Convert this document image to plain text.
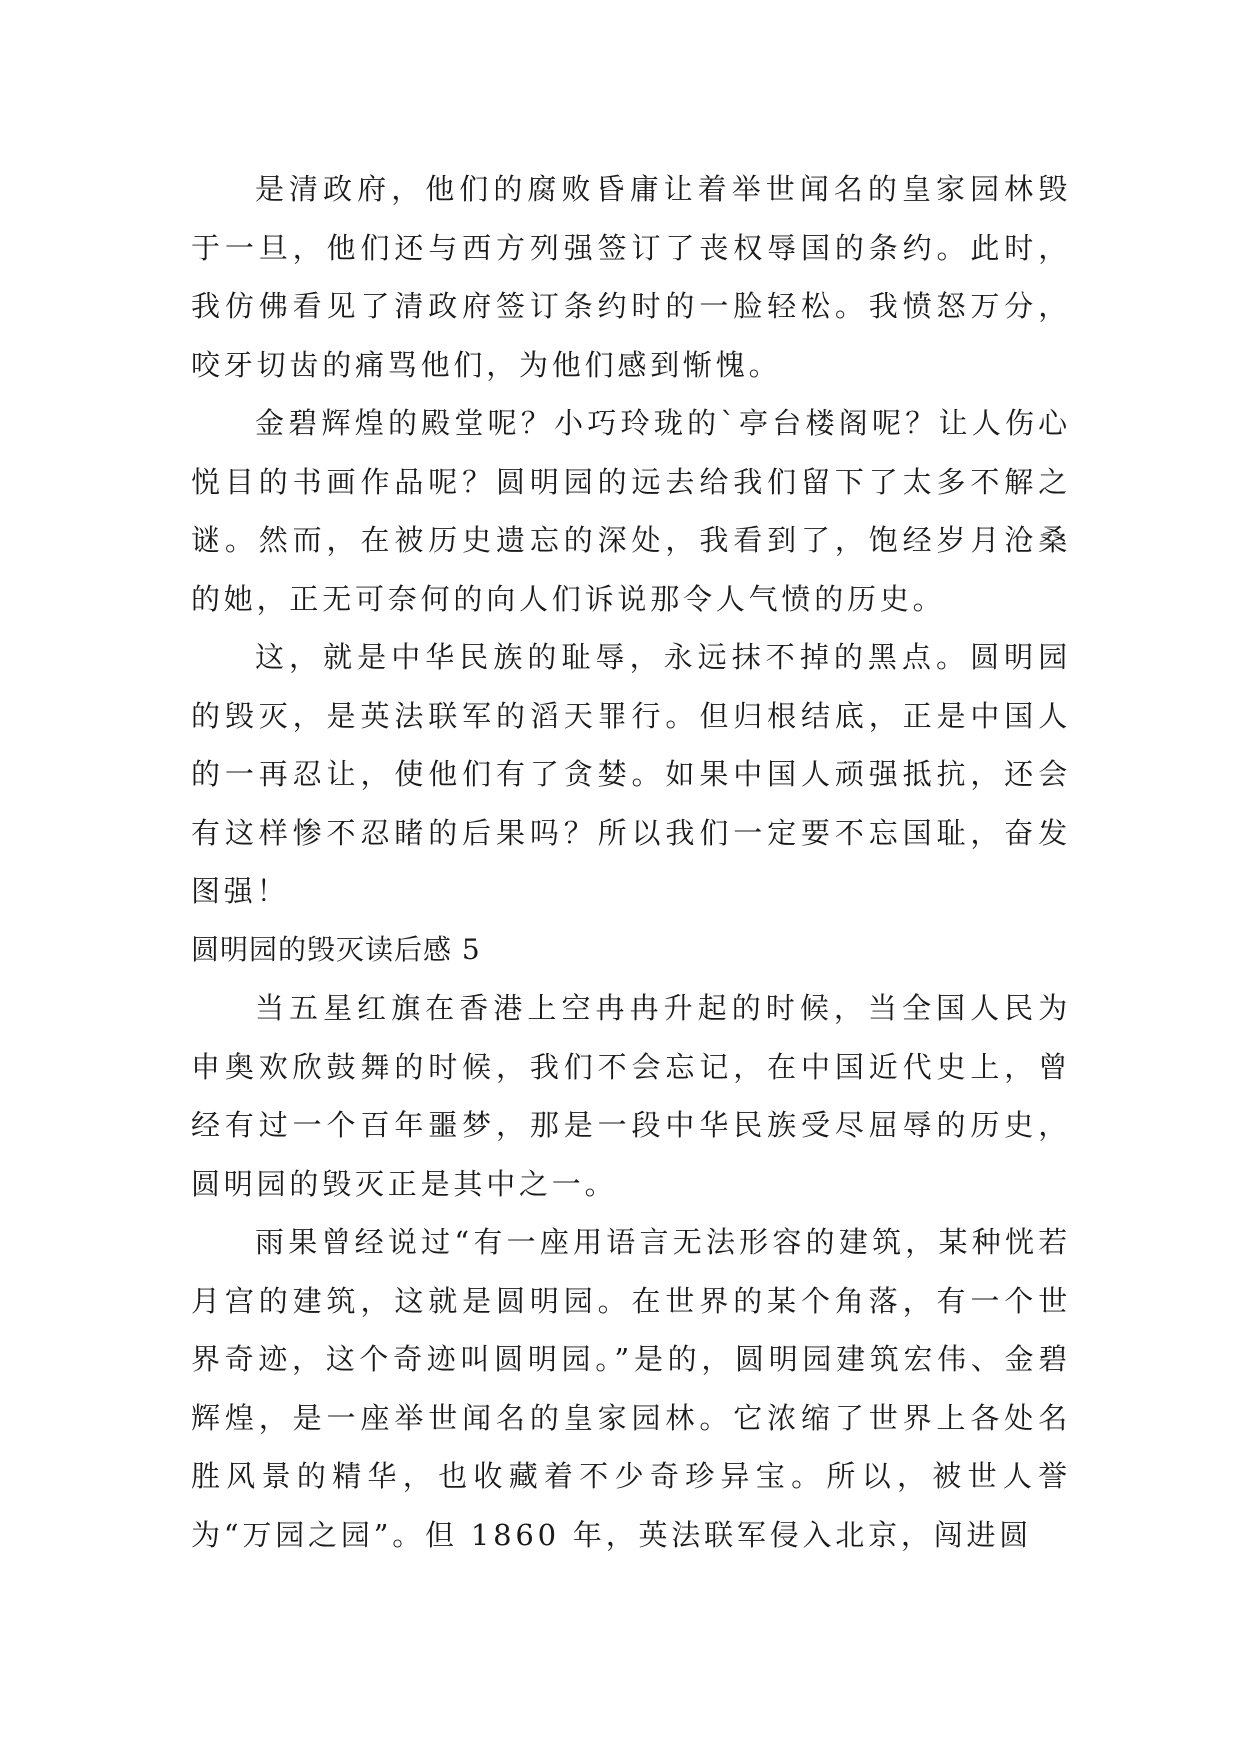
是清政府，他们的腐败昏庸让着举世闻名的皇家园林毁于一旦，他们还与西方列强签订了丧权辱国的条约。此时，我仿佛看见了清政府签订条约时的一脸轻松。我愤怒万分，咬牙切齿的痛骂他们，为他们感到惭愧。

金碧辉煌的殿堂呢？小巧玲珑的`亭台楼阁呢？让人伤心悦目的书画作品呢？圆明园的远去给我们留下了太多不解之谜。然而，在被历史遗忘的深处，我看到了，饱经岁月沧桑的她，正无可奈何的向人们诉说那令人气愤的历史。

这，就是中华民族的耻辱，永远抹不掉的黑点。圆明园的毁灭，是英法联军的滔天罪行。但归根结底，正是中国人的一再忍让，使他们有了贪婪。如果中国人顽强抵抗，还会有这样惨不忍睹的后果吗？所以我们一定要不忘国耻，奋发图强！

圆明园的毁灭读后感 5

当五星红旗在香港上空冉冉升起的时候，当全国人民为申奥欢欣鼓舞的时候，我们不会忘记，在中国近代史上，曾经有过一个百年噩梦，那是一段中华民族受尽屈辱的历史，圆明园的毁灭正是其中之一。

雨果曾经说过“有一座用语言无法形容的建筑，某种恍若月宫的建筑，这就是圆明园。在世界的某个角落，有一个世界奇迹，这个奇迹叫圆明园。”是的，圆明园建筑宏伟、金碧辉煌，是一座举世闻名的皇家园林。它浓缩了世界上各处名胜风景的精华，也收藏着不少奇珍异宝。所以，被世人誉为“万园之园”。但 1860 年，英法联军侵入北京，闯进圆
